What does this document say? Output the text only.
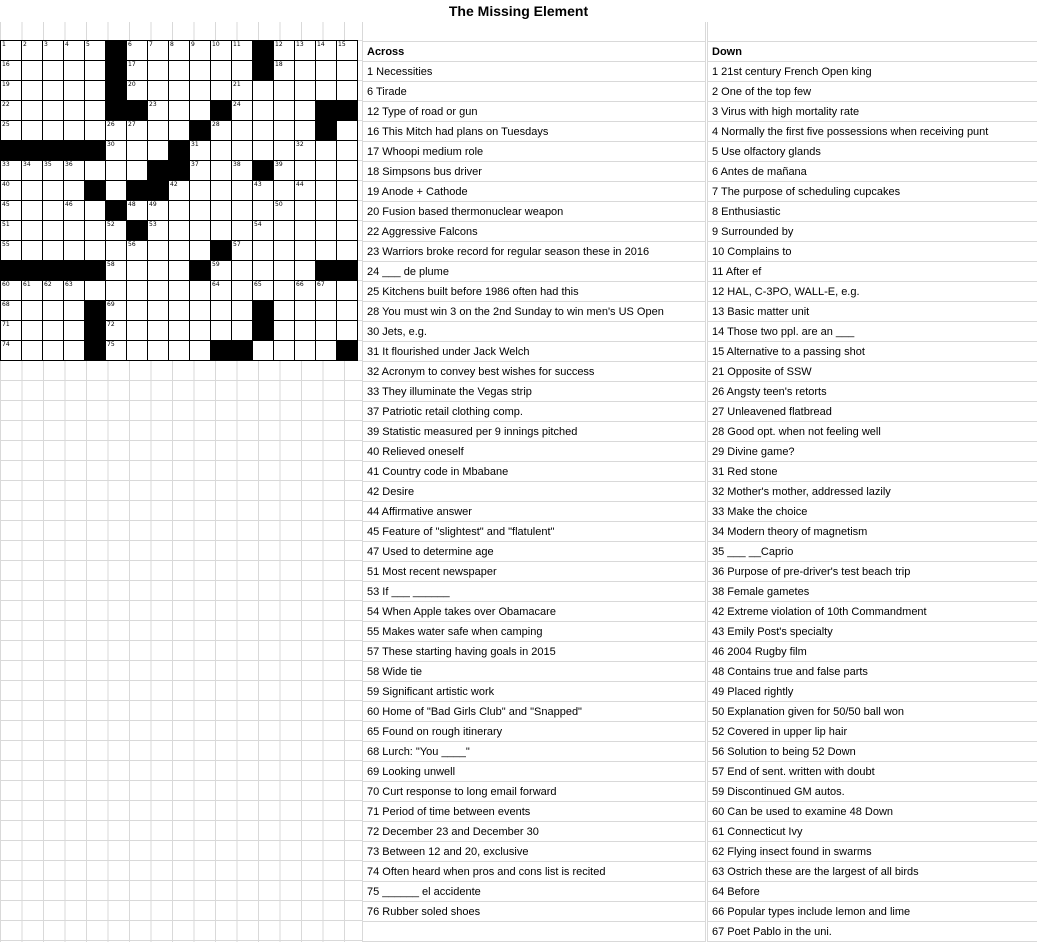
The Missing Element
1	2	3	4	5	6	7	8	9	10 11	12 13 14 15
16	17	18
19	20	21
22	23	24
25	26 27	28
30	31	32
33 34 35 36	37	38	39
40	42	43	44
45	46	48 49	50
51	52	53	54
55	56	57
58	59
60 61 62 63	64	65	66 67
68	69
71	72
74	75
Across
1 Necessities
6 Tirade
12 Type of road or gun
16 This Mitch had plans on Tuesdays
17 Whoopi medium role
18 Simpsons bus driver
19 Anode + Cathode
20 Fusion based thermonuclear weapon
22 Aggressive Falcons
23 Warriors broke record for regular season these in 2016
24 ___ de plume
25 Kitchens built before 1986 often had this
28 You must win 3 on the 2nd Sunday to win men's US Open
30 Jets, e.g.
31 It flourished under Jack Welch
32 Acronym to convey best wishes for success
33 They illuminate the Vegas strip
37 Patriotic retail clothing comp.
39 Statistic measured per 9 innings pitched
40 Relieved oneself
41 Country code in Mbabane
42 Desire
44 Affirmative answer
45 Feature of "slightest" and "flatulent"
47 Used to determine age
51 Most recent newspaper
53 If ___ ______
54 When Apple takes over Obamacare
55 Makes water safe when camping
57 These starting having goals in 2015
58 Wide tie
59 Significant artistic work
60 Home of "Bad Girls Club" and "Snapped"
65 Found on rough itinerary
68 Lurch: "You ____"
69 Looking unwell
70 Curt response to long email forward
71 Period of time between events
72 December 23 and December 30
73 Between 12 and 20, exclusive
74 Often heard when pros and cons list is recited
75 ______ el accidente
76 Rubber soled shoes
Down
1 21st century French Open king
2 One of the top few
3 Virus with high mortality rate
4 Normally the first five possessions when receiving punt
5 Use olfactory glands
6 Antes de mañana
7 The purpose of scheduling cupcakes
8 Enthusiastic
9 Surrounded by
10 Complains to
11 After ef
12 HAL, C-3PO, WALL-E, e.g.
13 Basic matter unit
14 Those two ppl. are an ___
15 Alternative to a passing shot
21 Opposite of SSW
26 Angsty teen's retorts
27 Unleavened flatbread
28 Good opt. when not feeling well
29 Divine game?
31 Red stone
32 Mother's mother, addressed lazily
33 Make the choice
34 Modern theory of magnetism
35 ___ __Caprio
36 Purpose of pre-driver's test beach trip
38 Female gametes
42 Extreme violation of 10th Commandment
43 Emily Post's specialty
46 2004 Rugby film
48 Contains true and false parts
49 Placed rightly
50 Explanation given for 50/50 ball won
52 Covered in upper lip hair
56 Solution to being 52 Down
57 End of sent. written with doubt
59 Discontinued GM autos.
60 Can be used to examine 48 Down
61 Connecticut Ivy
62 Flying insect found in swarms
63 Ostrich these are the largest of all birds
64 Before
66 Popular types include lemon and lime
67 Poet Pablo in the uni.
